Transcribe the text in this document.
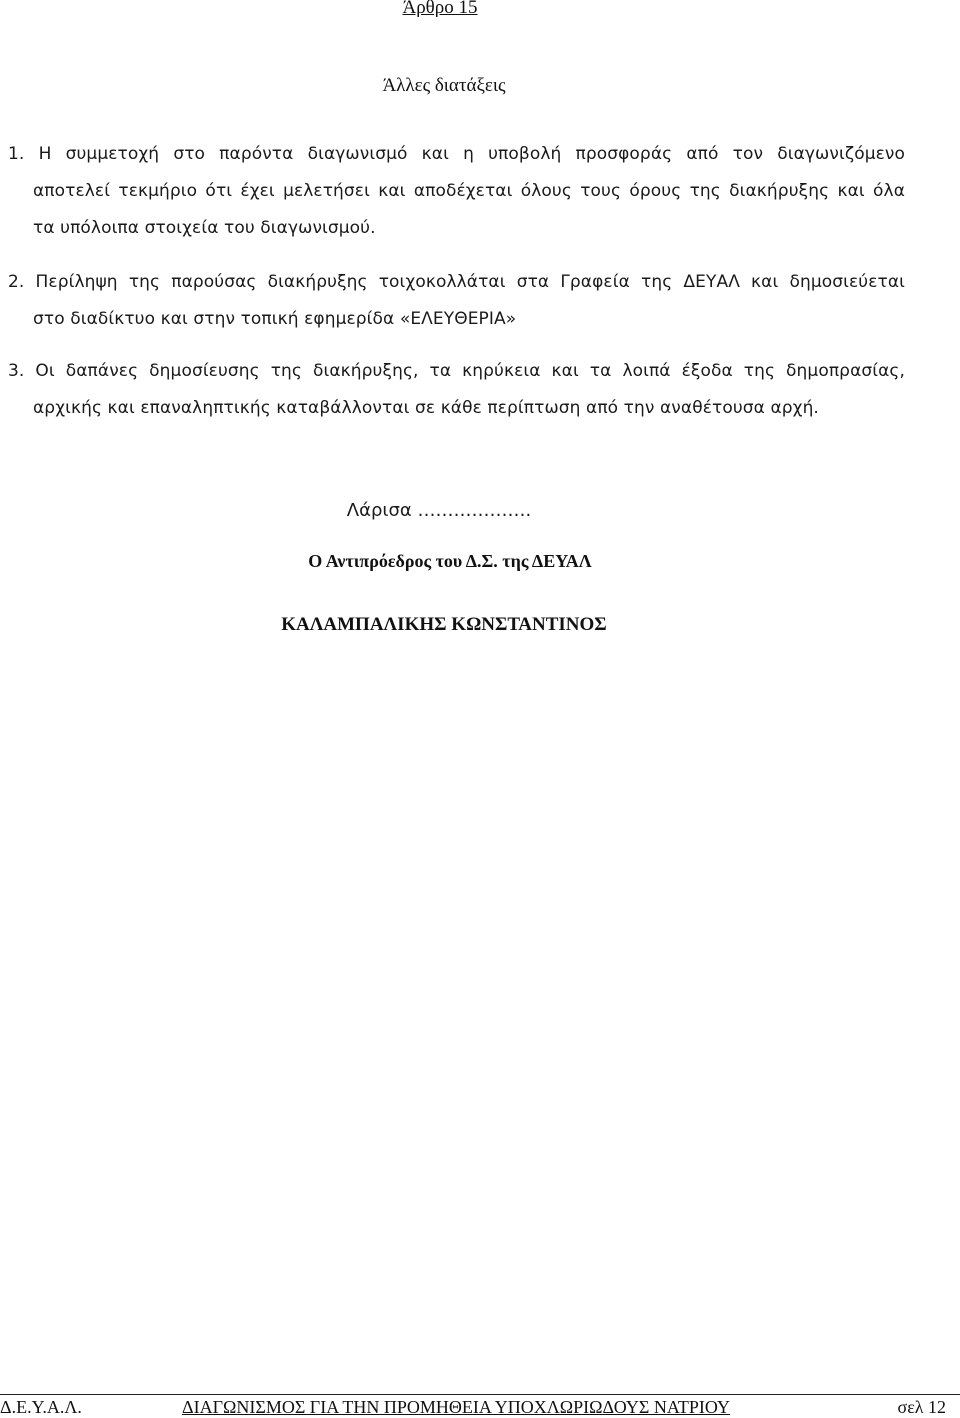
Άρθρο 15
Άλλες διατάξεις
1. Η συμμετοχή στο παρόντα διαγωνισμό και η υποβολή προσφοράς από τον διαγωνιζόμενο
αποτελεί τεκμήριο ότι έχει μελετήσει και αποδέχεται όλους τους όρους της διακήρυξης και όλα
τα υπόλοιπα στοιχεία του διαγωνισμού.
2. Περίληψη της παρούσας διακήρυξης τοιχοκολλάται στα Γραφεία της ΔΕΥΑΛ και δημοσιεύεται
στο διαδίκτυο και στην τοπική εφημερίδα «ΕΛΕΥΘΕΡΙΑ»
3. Οι δαπάνες δημοσίευσης της διακήρυξης, τα κηρύκεια και τα λοιπά έξοδα της δημοπρασίας,
αρχικής και επαναληπτικής καταβάλλονται σε κάθε περίπτωση από την αναθέτουσα αρχή.
Λάρισα ……………….
Ο Αντιπρόεδρος του Δ.Σ. της ΔΕΥΑΛ
ΚΑΛΑΜΠΑΛΙΚΗΣ ΚΩΝΣΤΑΝΤΙΝΟΣ
Δ.Ε.Υ.Α.Λ.	ΔΙΑΓΩΝΙΣΜΟΣ ΓΙΑ ΤΗΝ ΠΡΟΜΗΘΕΙΑ ΥΠΟΧΛΩΡΙΩΔΟΥΣ ΝΑΤΡΙΟΥ	σελ 12
